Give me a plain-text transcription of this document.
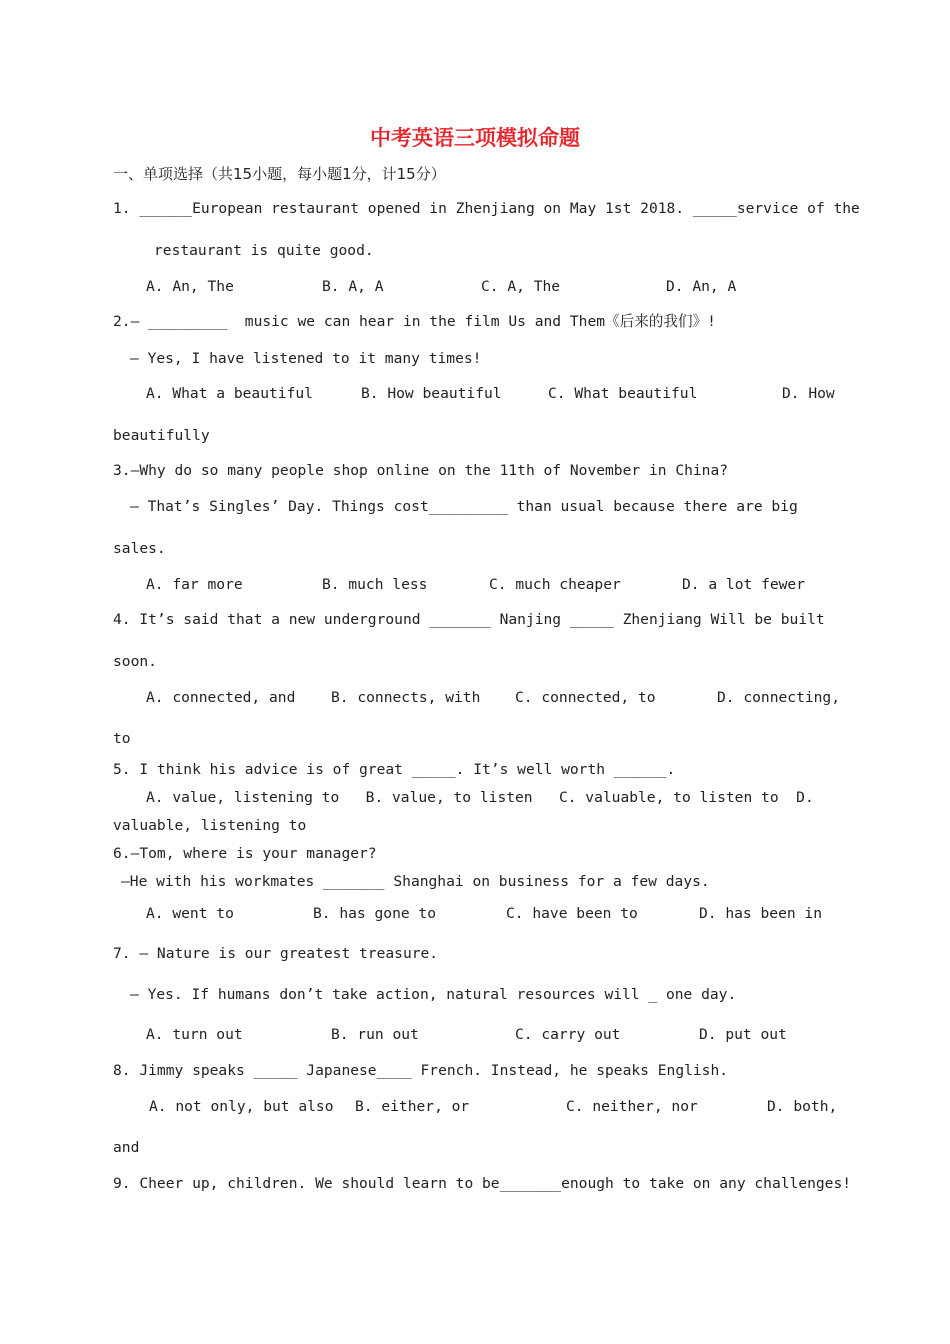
中考英语三项模拟命题
一、单项选择（共15小题，每小题1分，计15分）
1. ______European restaurant opened in Zhenjiang on May 1st 2018. _____service of the
restaurant is quite good.
A. An, The	B. A, A	C. A, The	D. An, A
2.— _________  music we can hear in the film Us and Them《后来的我们》!
— Yes, I have listened to it many times!
A. What a beautiful	B. How beautiful	C. What beautiful	D. How
beautifully
3.—Why do so many people shop online on the 11th of November in China?
— That’s Singles’ Day. Things cost_________ than usual because there are big
sales.
A. far more	B. much less	C. much cheaper	D. a lot fewer
4. It’s said that a new underground _______ Nanjing _____ Zhenjiang Will be built
soon.
A. connected, and B. connects, with C. connected, to	D. connecting,
to
5. I think his advice is of great _____. It’s well worth ______.
A. value, listening to   B. value, to listen   C. valuable, to listen to  D.
valuable, listening to
6.—Tom, where is your manager?
—He with his workmates _______ Shanghai on business for a few days.
A. went to	B. has gone to	C. have been to	D. has been in
7. — Nature is our greatest treasure.
— Yes. If humans don’t take action, natural resources will _ one day.
A. turn out	B. run out	C. carry out	D. put out
8. Jimmy speaks _____ Japanese____ French. Instead, he speaks English.
A. not only, but also B. either, or	C. neither, nor	D. both,
and
9. Cheer up, children. We should learn to be_______enough to take on any challenges!
